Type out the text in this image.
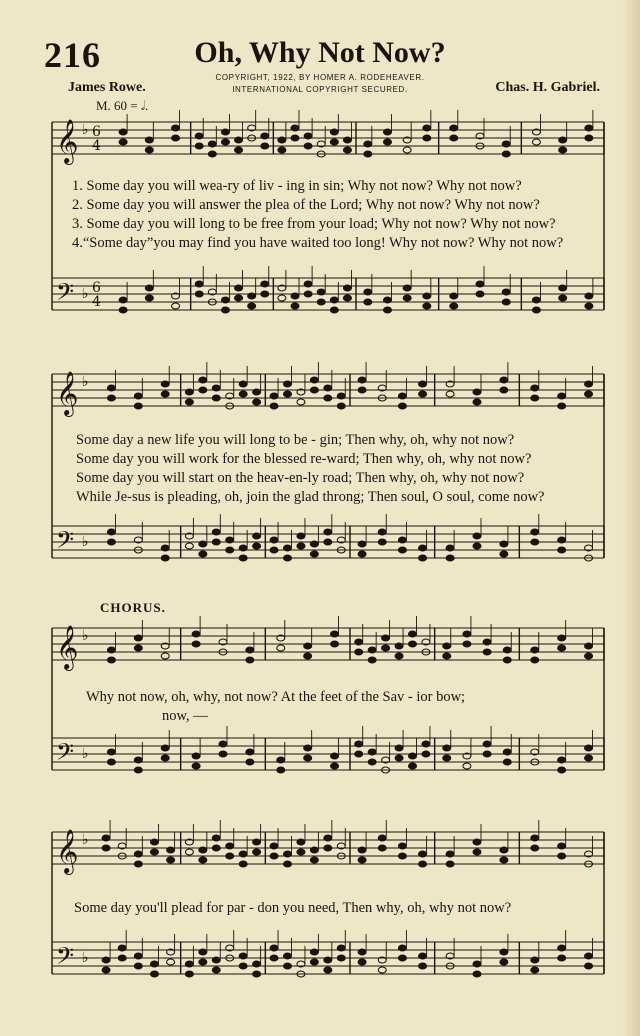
216	Oh, Why Not Now?
James Rowe.	Chas. H. Gabriel.
COPYRIGHT, 1922, BY HOMER A. RODEHEAVER.
INTERNATIONAL COPYRIGHT SECURED.
M. 60 = 𝅗𝅥.
𝄞
𝄢
♭
♭
6
4
6
4
𝄞
𝄢
♭
♭
𝄞
𝄢
♭
♭
𝄞
𝄢
♭
♭
1. Some day you will wea-ry of liv - ing in sin; Why not now? Why not now?
2. Some day you will answer the plea of the Lord; Why not now? Why not now?
3. Some day you will long to be free from your load; Why not now? Why not now?
4.“Some day”you may find you have waited too long! Why not now? Why not now?
Some day a new life you will long to be - gin; Then why, oh, why not now?
Some day you will work for the blessed re-ward; Then why, oh, why not now?
Some day you will start on the heav-en-ly road; Then why, oh, why not now?
While Je-sus is pleading, oh, join the glad throng; Then soul, O soul, come now?
CHORUS.
Why not now, oh, why, not now? At the feet of the Sav - ior bow;
now, —
Some day you'll plead for par - don you need, Then why, oh, why not now?
